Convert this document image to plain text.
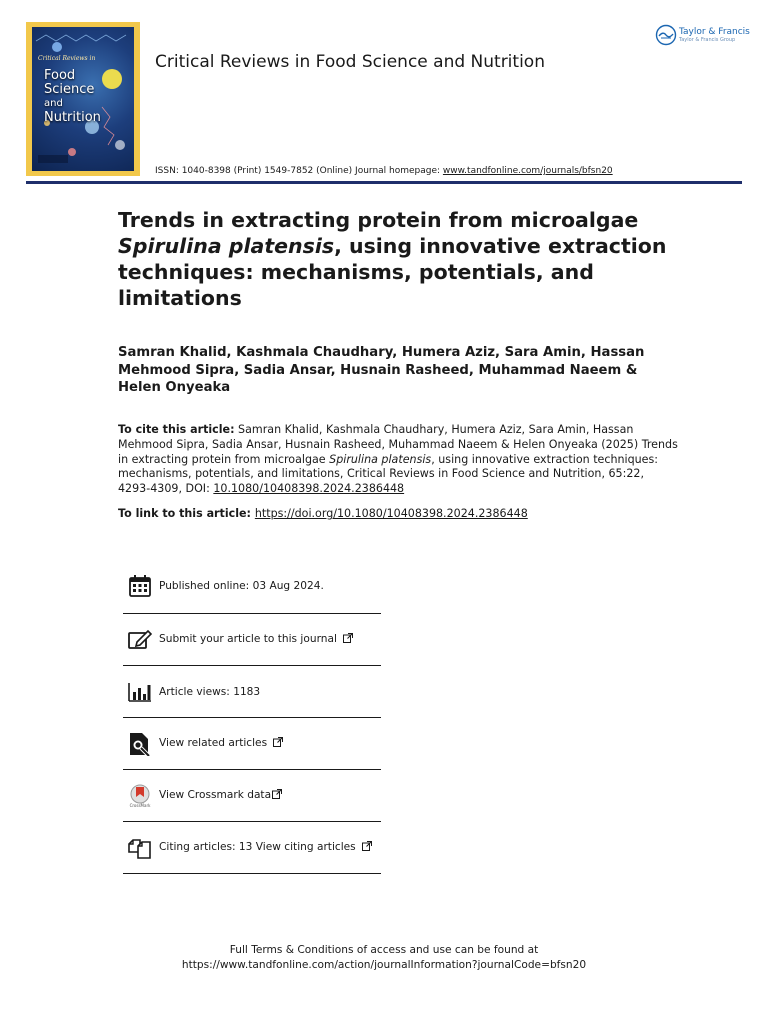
Critical Reviews in
Food
Science
and
Nutrition
Critical Reviews in Food Science and Nutrition
Taylor & Francis
Taylor & Francis Group
ISSN: 1040-8398 (Print) 1549-7852 (Online) Journal homepage: www.tandfonline.com/journals/bfsn20
Trends in extracting protein from microalgae Spirulina platensis, using innovative extraction techniques: mechanisms, potentials, and limitations

Samran Khalid, Kashmala Chaudhary, Humera Aziz, Sara Amin, Hassan Mehmood Sipra, Sadia Ansar, Husnain Rasheed, Muhammad Naeem & Helen Onyeaka

To cite this article: Samran Khalid, Kashmala Chaudhary, Humera Aziz, Sara Amin, Hassan Mehmood Sipra, Sadia Ansar, Husnain Rasheed, Muhammad Naeem & Helen Onyeaka (2025) Trends in extracting protein from microalgae Spirulina platensis, using innovative extraction techniques: mechanisms, potentials, and limitations, Critical Reviews in Food Science and Nutrition, 65:22, 4293-4309, DOI: 10.1080/10408398.2024.2386448

To link to this article: https://doi.org/10.1080/10408398.2024.2386448

Published online: 03 Aug 2024.
Submit your article to this journal
Article views: 1183
View related articles
CrossMark
View Crossmark data
Citing articles: 13 View citing articles
Full Terms & Conditions of access and use can be found at
https://www.tandfonline.com/action/journalInformation?journalCode=bfsn20
